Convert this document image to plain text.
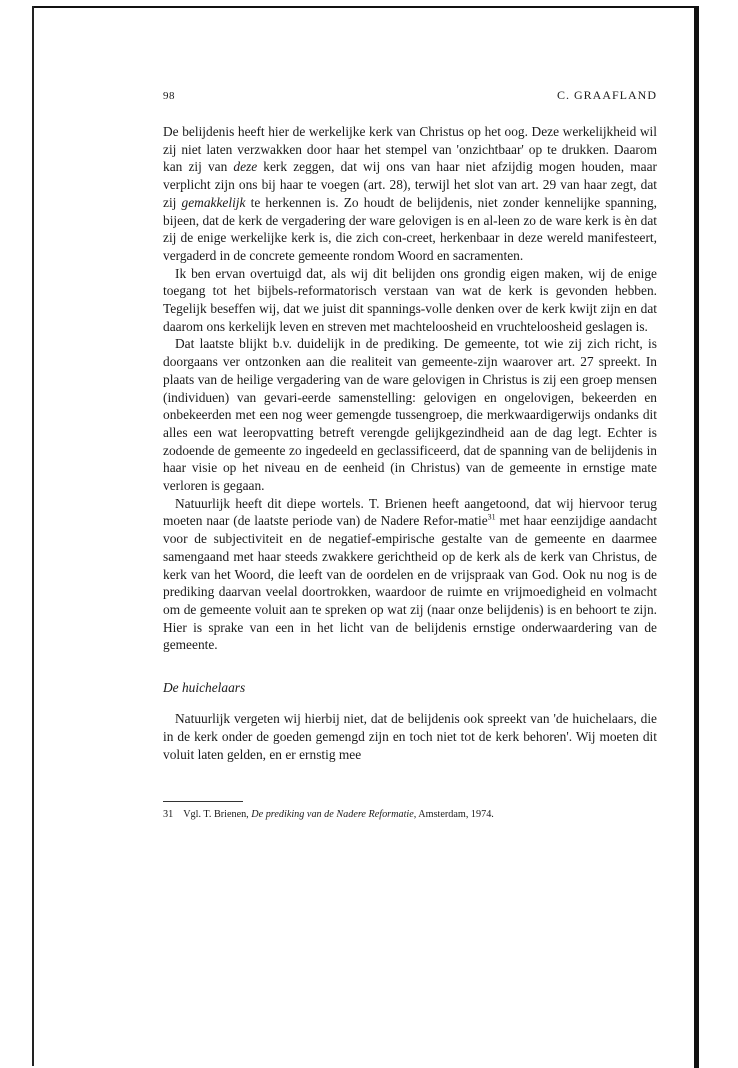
98	C. GRAAFLAND

De belijdenis heeft hier de werkelijke kerk van Christus op het oog. Deze werkelijkheid wil zij niet laten verzwakken door haar het stempel van 'onzichtbaar' op te drukken. Daarom kan zij van deze kerk zeggen, dat wij ons van haar niet afzijdig mogen houden, maar verplicht zijn ons bij haar te voegen (art. 28), terwijl het slot van art. 29 van haar zegt, dat zij gemakkelijk te herkennen is. Zo houdt de belijdenis, niet zonder kennelijke spanning, bijeen, dat de kerk de vergadering der ware gelovigen is en al-leen zo de ware kerk is èn dat zij de enige werkelijke kerk is, die zich con-creet, herkenbaar in deze wereld manifesteert, vergaderd in de concrete gemeente rondom Woord en sacramenten.

Ik ben ervan overtuigd dat, als wij dit belijden ons grondig eigen maken, wij de enige toegang tot het bijbels-reformatorisch verstaan van wat de kerk is gevonden hebben. Tegelijk beseffen wij, dat we juist dit spannings-volle denken over de kerk kwijt zijn en dat daarom ons kerkelijk leven en streven met machteloosheid en vruchteloosheid geslagen is.

Dat laatste blijkt b.v. duidelijk in de prediking. De gemeente, tot wie zij zich richt, is doorgaans ver ontzonken aan die realiteit van gemeente-zijn waarover art. 27 spreekt. In plaats van de heilige vergadering van de ware gelovigen in Christus is zij een groep mensen (individuen) van gevari-eerde samenstelling: gelovigen en ongelovigen, bekeerden en onbekeerden met een nog weer gemengde tussengroep, die merkwaardigerwijs ondanks dit alles een wat leeropvatting betreft verengde gelijkgezindheid aan de dag legt. Echter is zodoende de gemeente zo ingedeeld en geclassificeerd, dat de spanning van de belijdenis in haar visie op het niveau en de eenheid (in Christus) van de gemeente in ernstige mate verloren is gegaan.

Natuurlijk heeft dit diepe wortels. T. Brienen heeft aangetoond, dat wij hiervoor terug moeten naar (de laatste periode van) de Nadere Refor-matie$^{31}$ met haar eenzijdige aandacht voor de subjectiviteit en de negatief-empirische gestalte van de gemeente en daarmee samengaand met haar steeds zwakkere gerichtheid op de kerk als de kerk van Christus, de kerk van het Woord, die leeft van de oordelen en de vrijspraak van God. Ook nu nog is de prediking daarvan veelal doortrokken, waardoor de ruimte en vrijmoedigheid en volmacht om de gemeente voluit aan te spreken op wat zij (naar onze belijdenis) is en behoort te zijn. Hier is sprake van een in het licht van de belijdenis ernstige onderwaardering van de gemeente.

De huichelaars

Natuurlijk vergeten wij hierbij niet, dat de belijdenis ook spreekt van 'de huichelaars, die in de kerk onder de goeden gemengd zijn en toch niet tot de kerk behoren'. Wij moeten dit voluit laten gelden, en er ernstig mee

31 Vgl. T. Brienen, De prediking van de Nadere Reformatie, Amsterdam, 1974.
